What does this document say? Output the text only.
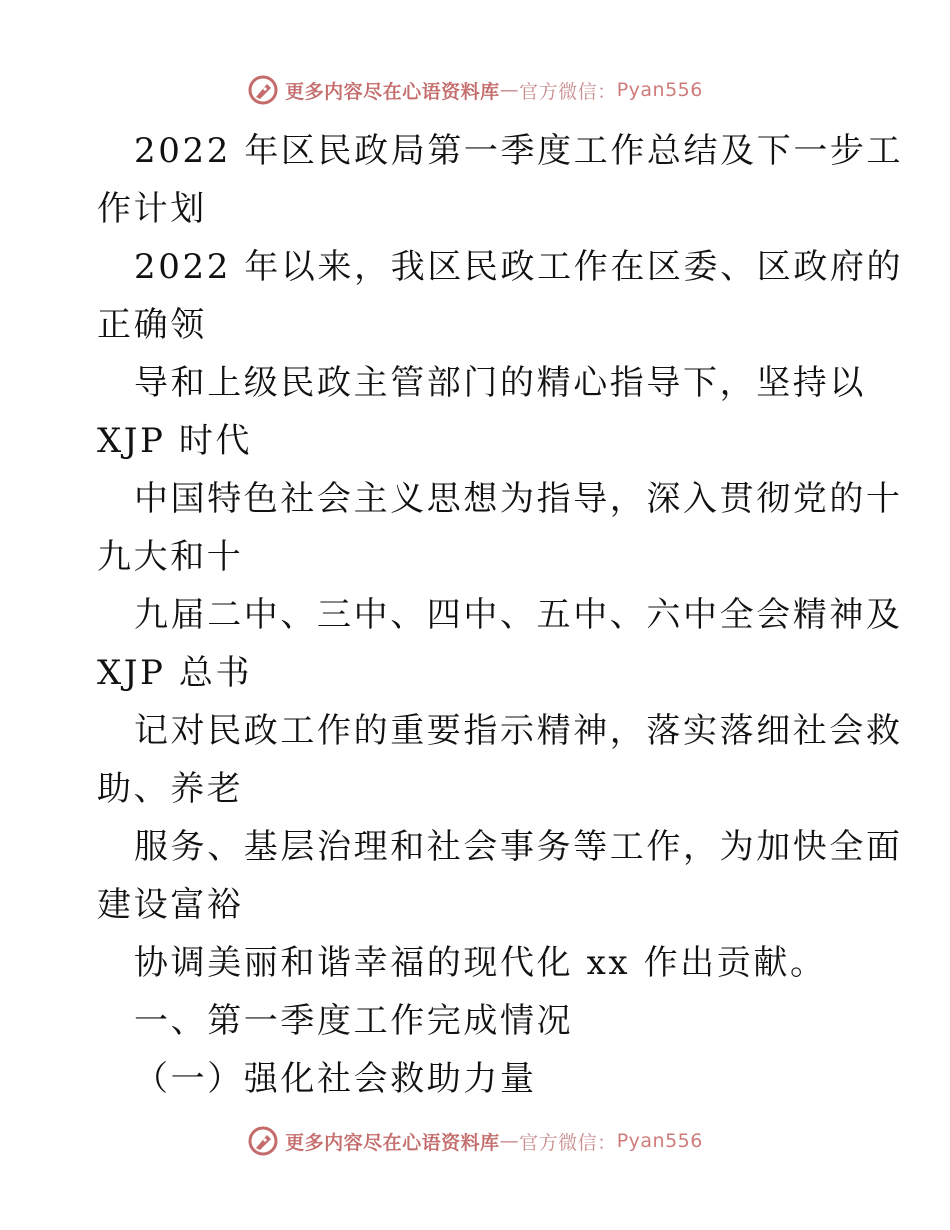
更多内容尽在心语资料库 — 官方微信： Pyan556
2022 年区民政局第一季度工作总结及下一步工
作计划
2022 年以来，我区民政工作在区委、区政府的
正确领
导和上级民政主管部门的精心指导下，坚持以
XJP 时代
中国特色社会主义思想为指导，深入贯彻党的十
九大和十
九届二中、三中、四中、五中、六中全会精神及
XJP 总书
记对民政工作的重要指示精神，落实落细社会救
助、养老
服务、基层治理和社会事务等工作，为加快全面
建设富裕
协调美丽和谐幸福的现代化 xx 作出贡献。
一、第一季度工作完成情况
（一）强化社会救助力量
更多内容尽在心语资料库 — 官方微信： Pyan556
